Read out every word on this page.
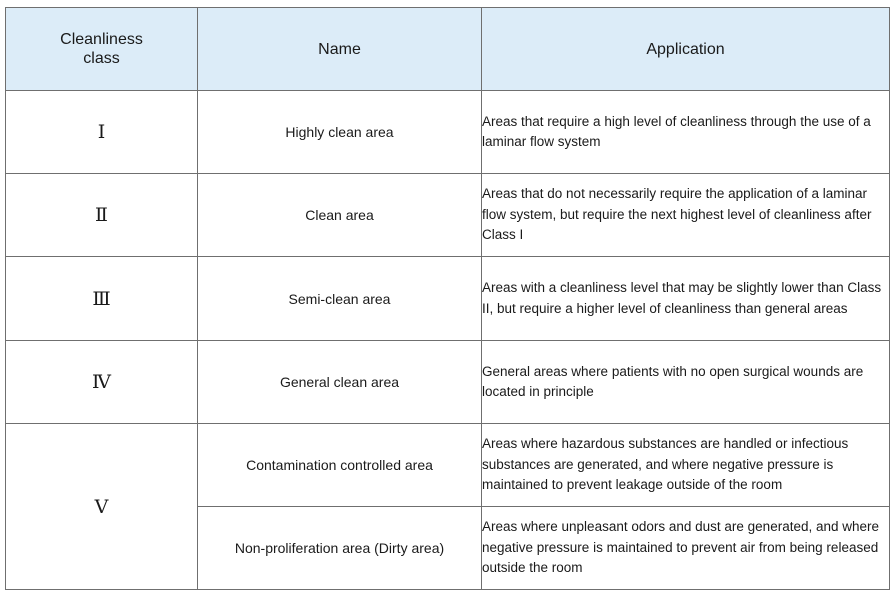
Cleanliness class	Name	Application
Ⅰ	Highly clean area	Areas that require a high level of cleanliness through the use of a laminar flow system
Ⅱ	Clean area	Areas that do not necessarily require the application of a laminar flow system, but require the next highest level of cleanliness after Class I
Ⅲ	Semi-clean area	Areas with a cleanliness level that may be slightly lower than Class II, but require a higher level of cleanliness than general areas
Ⅳ	General clean area	General areas where patients with no open surgical wounds are located in principle
Ⅴ	Contamination controlled area	Areas where hazardous substances are handled or infectious substances are generated, and where negative pressure is maintained to prevent leakage outside of the room
	Non-proliferation area (Dirty area)	Areas where unpleasant odors and dust are generated, and where negative pressure is maintained to prevent air from being released outside the room
